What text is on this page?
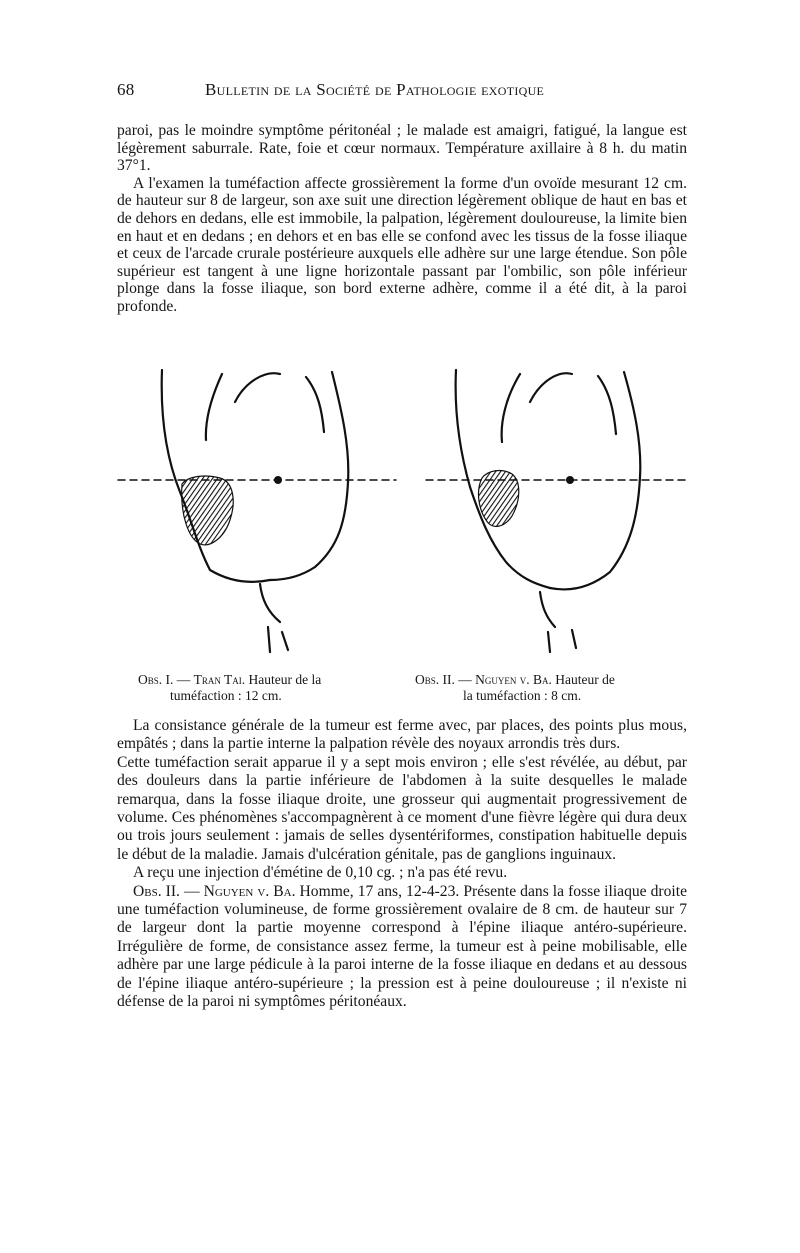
68	Bulletin de la Société de Pathologie exotique

paroi, pas le moindre symptôme péritonéal ; le malade est amaigri, fatigué, la langue est légèrement saburrale. Rate, foie et cœur normaux. Température axillaire à 8 h. du matin 37°1.

A l'examen la tuméfaction affecte grossièrement la forme d'un ovoïde mesurant 12 cm. de hauteur sur 8 de largeur, son axe suit une direction légèrement oblique de haut en bas et de dehors en dedans, elle est immobile, la palpation, légèrement douloureuse, la limite bien en haut et en dedans ; en dehors et en bas elle se confond avec les tissus de la fosse iliaque et ceux de l'arcade crurale postérieure auxquels elle adhère sur une large étendue. Son pôle supérieur est tangent à une ligne horizontale passant par l'ombilic, son pôle inférieur plonge dans la fosse iliaque, son bord externe adhère, comme il a été dit, à la paroi profonde.

Obs. I. — Tran Tai. Hauteur de la
tuméfaction : 12 cm.
Obs. II. — Nguyen v. Ba. Hauteur de
la tuméfaction : 8 cm.

La consistance générale de la tumeur est ferme avec, par places, des points plus mous, empâtés ; dans la partie interne la palpation révèle des noyaux arrondis très durs.

Cette tuméfaction serait apparue il y a sept mois environ ; elle s'est révélée, au début, par des douleurs dans la partie inférieure de l'abdomen à la suite desquelles le malade remarqua, dans la fosse iliaque droite, une grosseur qui augmentait progressivement de volume. Ces phénomènes s'accompagnèrent à ce moment d'une fièvre légère qui dura deux ou trois jours seulement : jamais de selles dysentériformes, constipation habituelle depuis le début de la maladie. Jamais d'ulcération génitale, pas de ganglions inguinaux.

A reçu une injection d'émétine de 0,10 cg. ; n'a pas été revu.

Obs. II. — Nguyen v. Ba. Homme, 17 ans, 12-4-23. Présente dans la fosse iliaque droite une tuméfaction volumineuse, de forme grossièrement ovalaire de 8 cm. de hauteur sur 7 de largeur dont la partie moyenne correspond à l'épine iliaque antéro-supérieure. Irrégulière de forme, de consistance assez ferme, la tumeur est à peine mobilisable, elle adhère par une large pédicule à la paroi interne de la fosse iliaque en dedans et au dessous de l'épine iliaque antéro-supérieure ; la pression est à peine douloureuse ; il n'existe ni défense de la paroi ni symptômes péritonéaux.
